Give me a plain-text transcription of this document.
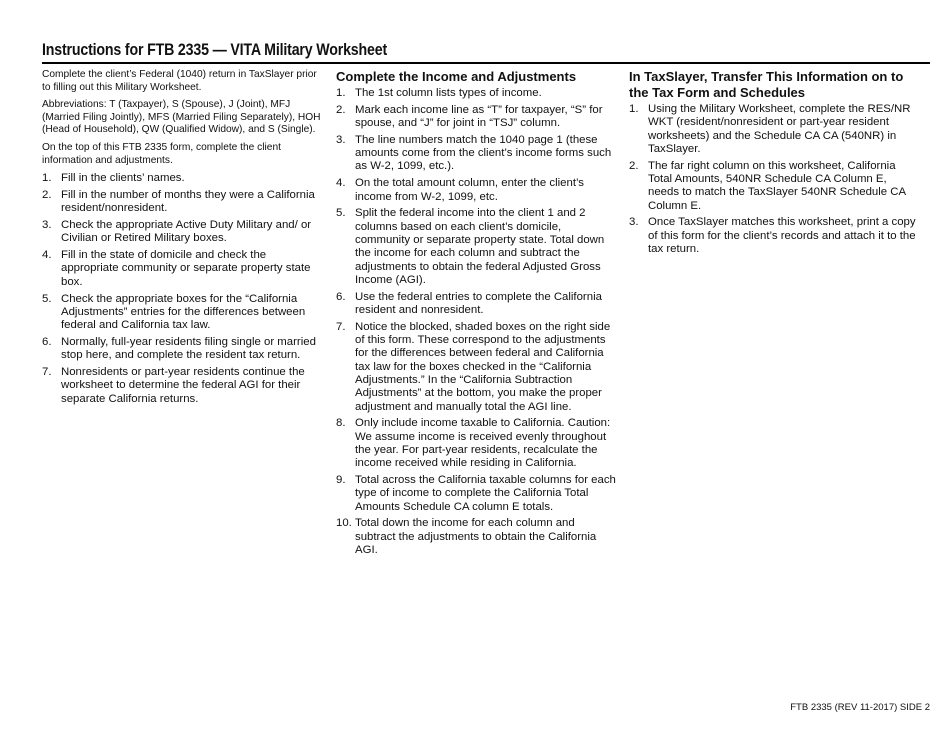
Instructions for FTB 2335 — VITA Military Worksheet

Complete the client’s Federal (1040) return in TaxSlayer prior to filling out this Military Worksheet.

Abbreviations: T (Taxpayer), S (Spouse), J (Joint), MFJ (Married Filing Jointly), MFS (Married Filing Separately), HOH (Head of Household), QW (Qualified Widow), and S (Single).

On the top of this FTB 2335 form, complete the client information and adjustments.

1. Fill in the clients’ names.
2. Fill in the number of months they were a California resident/nonresident.
3. Check the appropriate Active Duty Military and/ or Civilian or Retired Military boxes.
4. Fill in the state of domicile and check the appropriate community or separate property state box.
5. Check the appropriate boxes for the “California Adjustments” entries for the differences between federal and California tax law.
6. Normally, full-year residents filing single or married stop here, and complete the resident tax return.
7. Nonresidents or part-year residents continue the worksheet to determine the federal AGI for their separate California returns.
Complete the Income and Adjustments
1. The 1st column lists types of income.
2. Mark each income line as “T” for taxpayer, “S” for spouse, and “J” for joint in “TSJ” column.
3. The line numbers match the 1040 page 1 (these amounts come from the client’s income forms such as W-2, 1099, etc.).
4. On the total amount column, enter the client’s income from W-2, 1099, etc.
5. Split the federal income into the client 1 and 2 columns based on each client’s domicile, community or separate property state. Total down the income for each column and subtract the adjustments to obtain the federal Adjusted Gross Income (AGI).
6. Use the federal entries to complete the California resident and nonresident.
7. Notice the blocked, shaded boxes on the right side of this form. These correspond to the adjustments for the differences between federal and California tax law for the boxes checked in the “California Adjustments.” In the “California Subtraction Adjustments” at the bottom, you make the proper adjustment and manually total the AGI line.
8. Only include income taxable to California. Caution: We assume income is received evenly throughout the year. For part-year residents, recalculate the income received while residing in California.
9. Total across the California taxable columns for each type of income to complete the California Total Amounts Schedule CA column E totals.
10. Total down the income for each column and subtract the adjustments to obtain the California AGI.
In TaxSlayer, Transfer This Information on to the Tax Form and Schedules
1. Using the Military Worksheet, complete the RES/NR WKT (resident/nonresident or part-year resident worksheets) and the Schedule CA CA (540NR) in TaxSlayer.
2. The far right column on this worksheet, California Total Amounts, 540NR Schedule CA Column E, needs to match the TaxSlayer 540NR Schedule CA Column E.
3. Once TaxSlayer matches this worksheet, print a copy of this form for the client’s records and attach it to the tax return.
FTB 2335 (REV 11-2017) SIDE 2
